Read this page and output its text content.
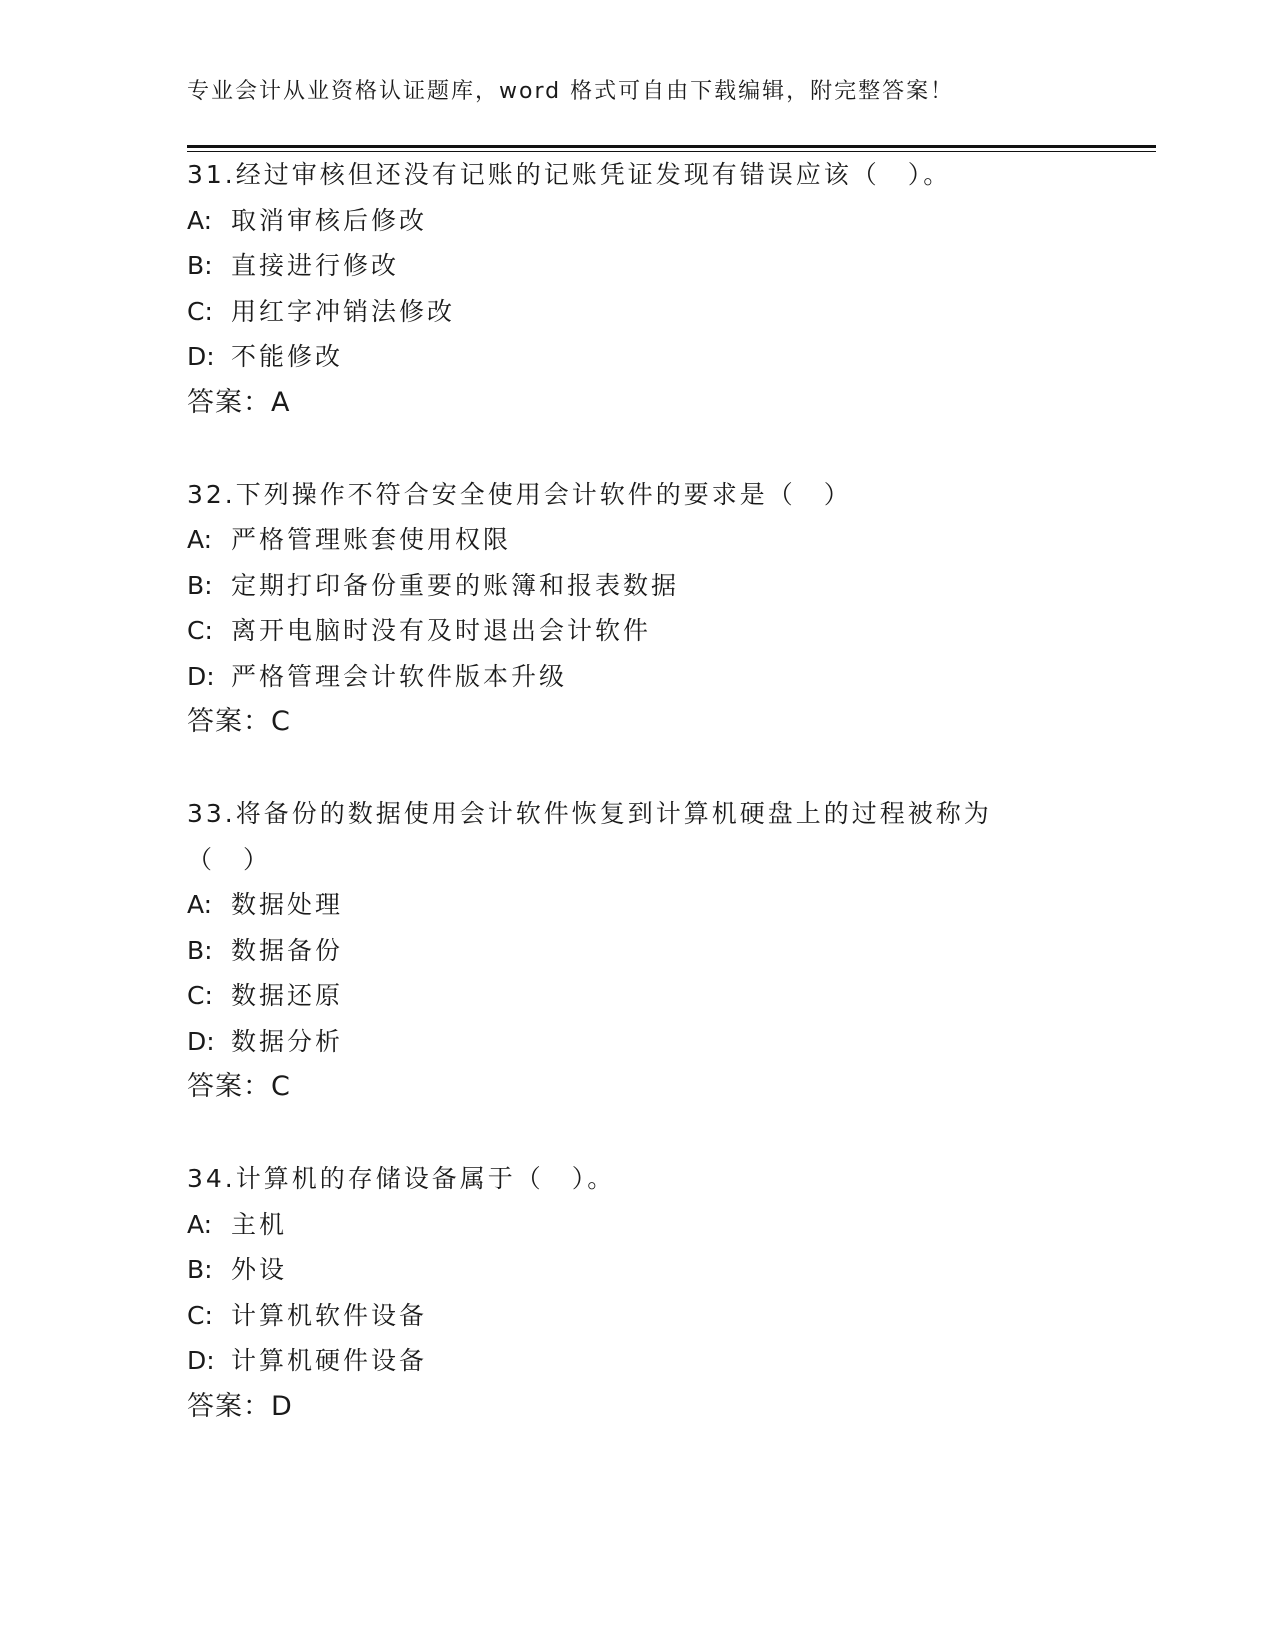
专业会计从业资格认证题库，word 格式可自由下载编辑，附完整答案！
31.经过审核但还没有记账的记账凭证发现有错误应该（　）。
A: 取消审核后修改
B: 直接进行修改
C: 用红字冲销法修改
D: 不能修改
答案：A
32.下列操作不符合安全使用会计软件的要求是（　）
A: 严格管理账套使用权限
B: 定期打印备份重要的账簿和报表数据
C: 离开电脑时没有及时退出会计软件
D: 严格管理会计软件版本升级
答案：C
33.将备份的数据使用会计软件恢复到计算机硬盘上的过程被称为（　）
A: 数据处理
B: 数据备份
C: 数据还原
D: 数据分析
答案：C
34.计算机的存储设备属于（　）。
A: 主机
B: 外设
C: 计算机软件设备
D: 计算机硬件设备
答案：D
